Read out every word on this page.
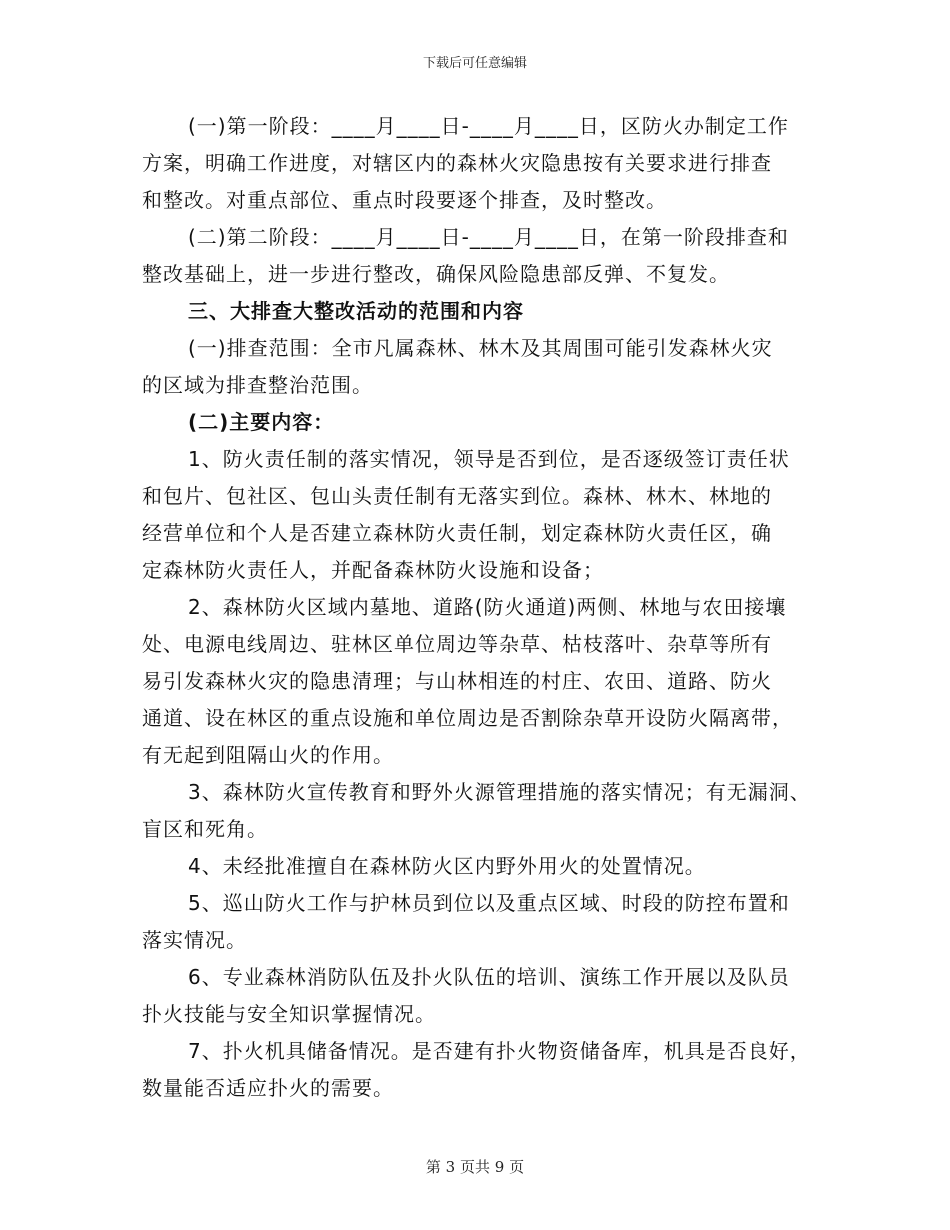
下载后可任意编辑
(一)第一阶段：____月____日-____月____日，区防火办制定工作
方案，明确工作进度，对辖区内的森林火灾隐患按有关要求进行排查
和整改。对重点部位、重点时段要逐个排查，及时整改。
(二)第二阶段：____月____日-____月____日，在第一阶段排查和
整改基础上，进一步进行整改，确保风险隐患部反弹、不复发。
三、大排查大整改活动的范围和内容
(一)排查范围：全市凡属森林、林木及其周围可能引发森林火灾
的区域为排查整治范围。
(二)主要内容：
1、防火责任制的落实情况，领导是否到位，是否逐级签订责任状
和包片、包社区、包山头责任制有无落实到位。森林、林木、林地的
经营单位和个人是否建立森林防火责任制，划定森林防火责任区，确
定森林防火责任人，并配备森林防火设施和设备；
2、森林防火区域内墓地、道路(防火通道)两侧、林地与农田接壤
处、电源电线周边、驻林区单位周边等杂草、枯枝落叶、杂草等所有
易引发森林火灾的隐患清理；与山林相连的村庄、农田、道路、防火
通道、设在林区的重点设施和单位周边是否割除杂草开设防火隔离带，
有无起到阻隔山火的作用。
3、森林防火宣传教育和野外火源管理措施的落实情况；有无漏洞、
盲区和死角。
4、未经批准擅自在森林防火区内野外用火的处置情况。
5、巡山防火工作与护林员到位以及重点区域、时段的防控布置和
落实情况。
6、专业森林消防队伍及扑火队伍的培训、演练工作开展以及队员
扑火技能与安全知识掌握情况。
7、扑火机具储备情况。是否建有扑火物资储备库，机具是否良好，
数量能否适应扑火的需要。
第 3 页共 9 页
